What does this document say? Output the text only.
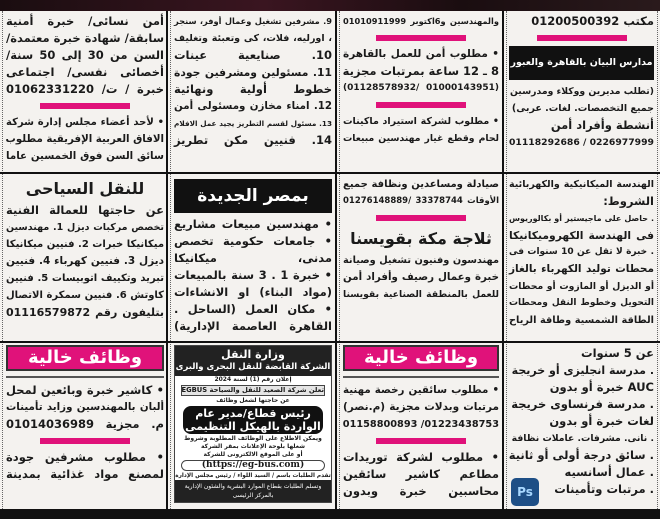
مكتب 01200500392
مدارس البيان بالقاهرة والعبور
(تطلب مديرين ووكلاء ومدرسين
جميع التخصصات. لغات. عربى)
أنشطة وأفراد أمن
0226977999 / 01118292686
والمهندسين و6اكتوبر 01010911999
• مطلوب أمن للعمل بالقاهرة
8 ـ 12 ساعة بمرتبات مجزية
(01000143951 /01128578932)
• مطلوب لشركة استيراد ماكينات
لحام وقطع غيار مهندسين مبيعات
9. مشرفين تشغيل وعمال أوفر، سنجر
، اورليه، فلات، كى وتعبئة وتغليف
10. صنايعية عينات
11. مسئولين ومشرفين جودة
خطوط أولية ونهائية
12. امناء مخازن ومسئولى أمن
13. مسئول لقسم التطريز يجيد عمل الافلام
14. فنيين مكن تطريز
أمن نسائى/ خبرة أمنية
سابقة/ شهادة خبرة معتمدة/
السن من 30 إلى 50 سنة/
أخصائى نفسى/ اجتماعى
خبرة / ت/ 01062331220
• لأحد أعضاء مجلس إدارة شركة
الافاق العربية الإفريقية مطلوب
سائق السن فوق الخمسين عاما
الهندسة الميكانيكية والكهربائية
الشروط:
. حاصل على ماجيستير أو بكالوريوس
فى الهندسة الكهروميكانيكا
. خبرة لا تقل عن 10 سنوات فى
محطات توليد الكهرباء بالغاز
أو الديزل أو المازوت أو محطات
التحويل وخطوط النقل ومحطات
الطاقة الشمسية وطاقة الرياح
صيادلة ومساعدين ونظافة جميع
الأوقات 33378744 /01276148889
ثلاجة مكة بقويسنا
مهندسون وفنيون تشغيل وصيانة
خبرة وعمال رصيف وأفراد أمن
للعمل بالمنطقة الصناعية بقويسنا
بمصر الجديدة
• مهندسين مبيعات مشاريع
• جامعات حكومية تخصص
مدنى، ميكانيكا
• خبرة 1 . 3 سنة بالمبيعات
(مواد البناء) او الانشاءات
• مكان العمل (الساحل .
القاهرة العاصمة الإدارية)
للنقل السياحى
عن حاجتها للعمالة الفنية
تخصص مركبات ديزل 1. مهندسين
ميكانيكا خبرات 2. فنيين ميكانيكا
ديزل 3. فنيين كهرباء 4. فنيين
تبريد وتكييف اتوبيسات 5. فنيين
كاوتش 6. فنيين سمكرة الاتصال
بتليفون رقم 01116579872
عن 5 سنوات
. مدرسة انجليزى أو خريجة
AUC خبرة أو بدون
. مدرسة فرنساوى خريجة
لغات خبرة أو بدون
. نانى. مشرفات. عاملات نظافة
. سائق درجة أولى أو ثانية
. عمال أسانسيه
. مرتبات وتأمينات
وظائف خالية
• مطلوب سائقين رخصة مهنية
مرتبات وبدلات مجزية (م.نصر)
01223438753/ 01158800893
• مطلوب لشركة توريدات
مطاعم كاشير سائقين
محاسبين خبرة وبدون
وزارة النقل
الشركة القابضة للنقل البحرى والبرى
إعلان رقم (1) لسنة 2024
تعلن شركة الصعيد للنقل والسياحة EGBUS
عن حاجتها لشغل وظائف
رئيس قطاع/مدير عام
الواردة بالهيكل التنظيمى
ويمكن الاطلاع على الوظائف المطلوبة وشروط شغلها بلوحة الإعلانات بمقر الشركة
أو على الموقع الالكترونى للشركة
(https://eg-bus.com)
تقدم الطلبات باسم / السيد اللواء / رئيس مجلس الإدارة
وتسلم الطلبات بقطاع الموارد البشرية والشئون الإدارية بالمركز الرئيسى
وظائف خالية
• كاشير خبرة وبائعين لمحل
ألبان بالمهندسين وزايد تأمينات
م. مجزية 01014036989
• مطلوب مشرفين جودة
لمصنع مواد غذائية بمدينة
Ps
